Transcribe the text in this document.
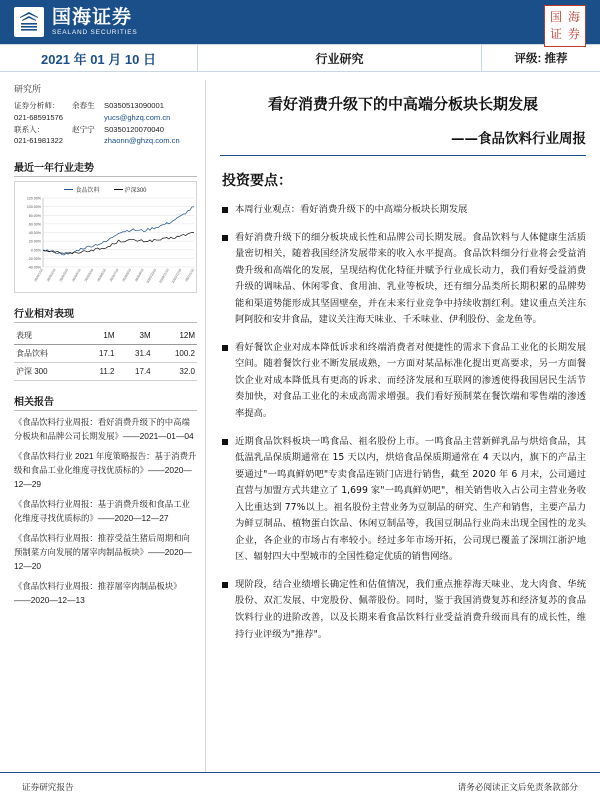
国海证券
SEALAND SECURITIES
国 海
证 券
2021 年 01 月 10 日	行业研究	评级: 推荐
研究所
证券分析师：	余春生	S0350513090001
021-68591576		yucs@ghzq.com.cn
联系人：	赵宁宁	S0350120070040
021-61981322		zhaonn@ghzq.com.cn
最近一年行业走势
食品饮料	沪深300
120.00%
100.00%
80.00%
60.00%
40.00%
20.00%
0.00%
-20.00%
-40.00%
2020/1/10 2020/2/10 2020/3/10 2020/4/10 2020/5/10 2020/6/10 2020/7/10 2020/8/10 2020/9/10 2020/10/10 2020/11/10 2020/12/10 2021/1/10
行业相对表现
表现	1M	3M	12M
食品饮料	17.1	31.4	100.2
沪深 300	11.2	17.4	32.0
相关报告
《食品饮料行业周报：看好消费升级下的中高端分板块和品牌公司长期发展》——2021—01—04
《食品饮料行业 2021 年度策略报告：基于消费升级和食品工业化维度寻找优质标的》——2020—12—29
《食品饮料行业周报：基于消费升级和食品工业化维度寻找优质标的》——2020—12—27
《食品饮料行业周报：推荐受益生猪后周期和向预制菜方向发展的屠宰肉制品板块》——2020—12—20
《食品饮料行业周报：推荐屠宰肉制品板块》——2020—12—13
看好消费升级下的中高端分板块长期发展
——食品饮料行业周报
投资要点：
本周行业观点：看好消费升级下的中高端分板块长期发展
看好消费升级下的细分板块成长性和品牌公司长期发展。食品饮料与人体健康生活质量密切相关，随着我国经济发展带来的收入水平提高。食品饮料细分行业将会受益消费升级和高端化的发展，呈现结构优化特征并赋予行业成长动力，我们看好受益消费升级的调味品、休闲零食、食用油、乳业等板块，还有细分品类所长期积累的品牌势能和渠道势能形成其坚固壁垒，并在未来行业竞争中持续收割红利。建议重点关注东阿阿胶和安井食品，建议关注海天味业、千禾味业、伊利股份、金龙鱼等。
看好餐饮企业对成本降低诉求和终端消费者对便捷性的需求下食品工业化的长期发展空间。随着餐饮行业不断发展成熟，一方面对某品标准化提出更高要求，另一方面餐饮企业对成本降低具有更高的诉求、而经济发展和互联网的渗透使得我国居民生活节奏加快，对食品工业化的未成高需求增强。我们看好预制菜在餐饮端和零售端的渗透率提高。
近期食品饮料板块一鸣食品、祖名股份上市。一鸣食品主营新鲜乳品与烘焙食品，其低温乳品保质期通常在 15 天以内，烘焙食品保质期通常在 4 天以内，旗下的产品主要通过"一鸣真鲜奶吧"专卖食品连锁门店进行销售，截至 2020 年 6 月末，公司通过直营与加盟方式共建立了 1,699 家"一鸣真鲜奶吧"，相关销售收入占公司主营业务收入比重达到 77%以上。祖名股份主营业务为豆制品的研究、生产和销售，主要产品力为鲜豆制品、植物蛋白饮品、休闲豆制品等，我国豆制品行业尚未出现全国性的龙头企业，各企业的市场占有率较小。经过多年市场开拓，公司现已覆盖了深圳江浙沪地区、辐射四大中型城市的全国性稳定优质的销售网络。
现阶段，结合业绩增长确定性和估值情况，我们重点推荐海天味业、龙大肉食、华统股份、双汇发展、中宠股份、佩蒂股份。同时，鉴于我国消费复苏和经济复苏的食品饮料行业的进阶改善，以及长期来看食品饮料行业受益消费升级而具有的成长性，维持行业评级为"推荐"。
证券研究报告	请务必阅读正文后免责条款部分
